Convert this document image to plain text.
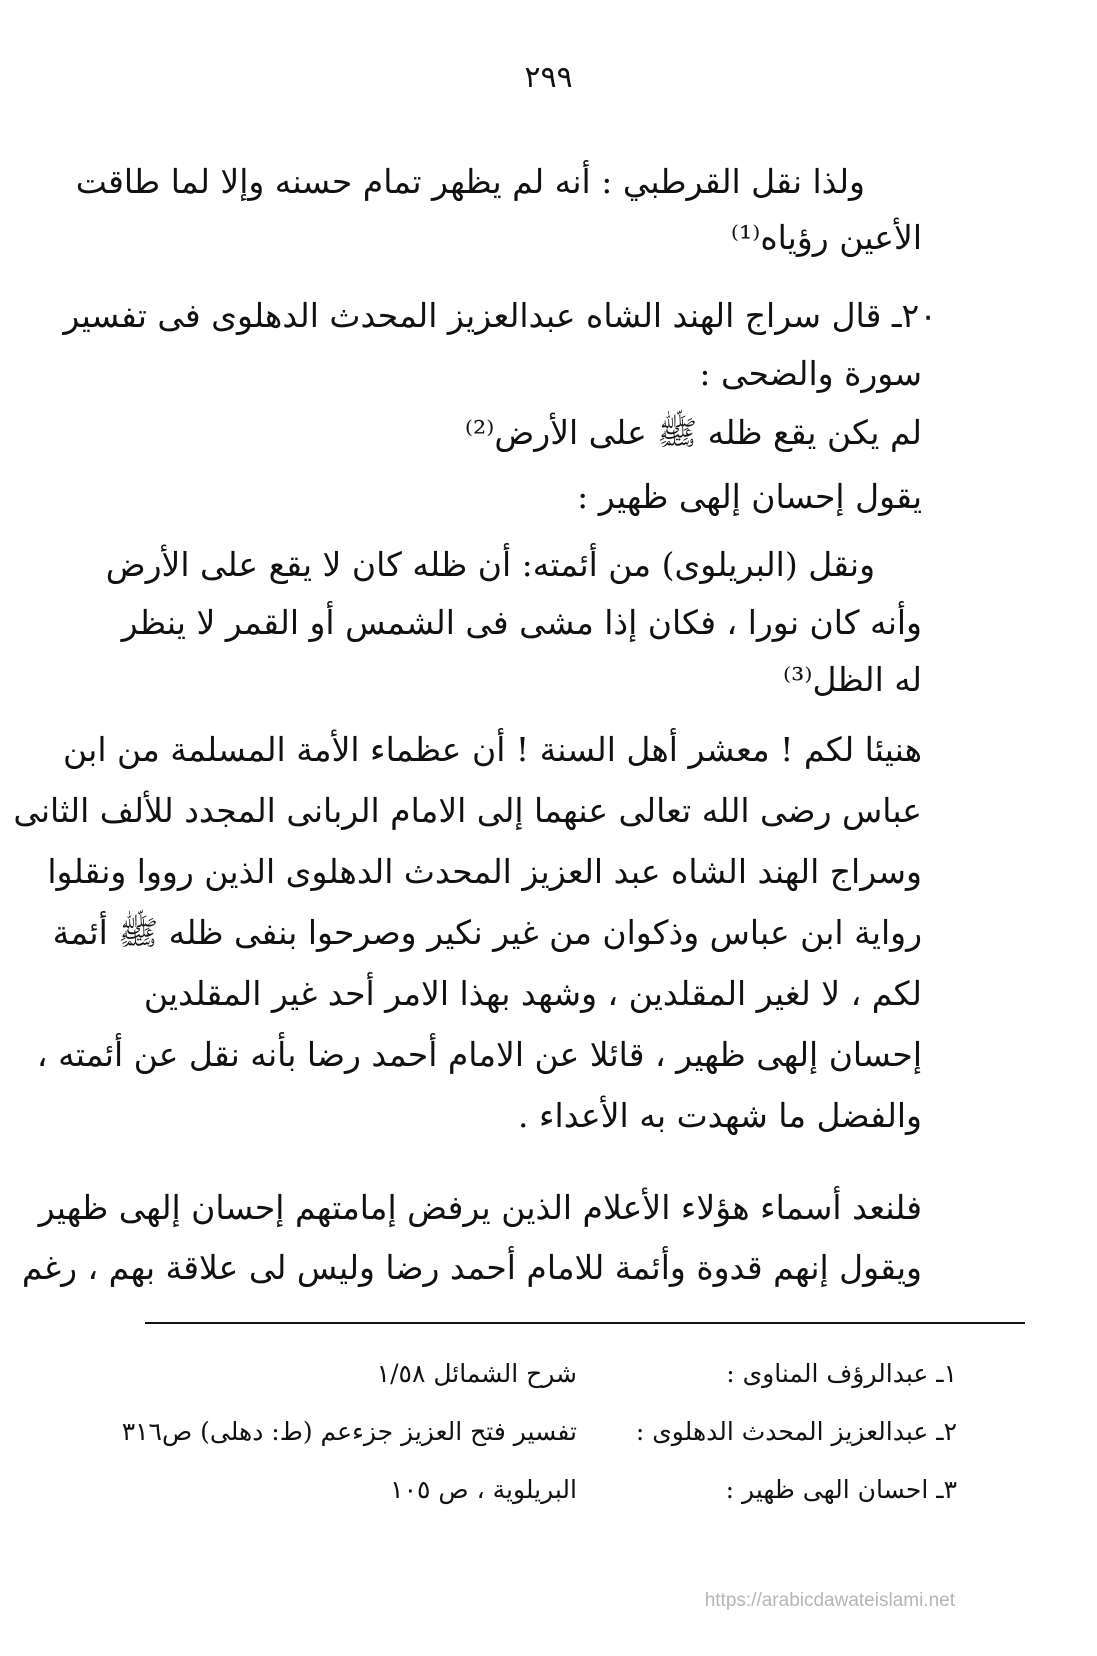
٢٩٩
ولذا نقل القرطبي : أنه لم يظهر تمام حسنه وإلا لما طاقت
الأعين رؤياه⁽¹⁾
٢٠ـ قال سراج الهند الشاه عبدالعزيز المحدث الدهلوى فى تفسير
سورة والضحى :
لم يكن يقع ظله ﷺ على الأرض⁽²⁾
يقول إحسان إلهى ظهير :
ونقل (البريلوى) من أئمته: أن ظله كان لا يقع على الأرض
وأنه كان نورا ، فكان إذا مشى فى الشمس أو القمر لا ينظر
له الظل⁽³⁾
هنيئا لكم ! معشر أهل السنة ! أن عظماء الأمة المسلمة من ابن
عباس رضى الله تعالى عنهما إلى الامام الربانى المجدد للألف الثانى
وسراج الهند الشاه عبد العزيز المحدث الدهلوى الذين رووا ونقلوا
رواية ابن عباس وذكوان من غير نكير وصرحوا بنفى ظله ﷺ أئمة
لكم ، لا لغير المقلدين ، وشهد بهذا الامر أحد غير المقلدين
إحسان إلهى ظهير ، قائلا عن الامام أحمد رضا بأنه نقل عن أئمته ،
والفضل ما شهدت به الأعداء .
فلنعد أسماء هؤلاء الأعلام الذين يرفض إمامتهم إحسان إلهى ظهير
ويقول إنهم قدوة وأئمة للامام أحمد رضا وليس لى علاقة بهم ، رغم
١ـ عبدالرؤف المناوى :
شرح الشمائل ١/٥٨
٢ـ عبدالعزيز المحدث الدهلوى :
تفسير فتح العزيز جزءعم (ط: دهلى) ص٣١٦
٣ـ احسان الهى ظهير :
البريلوية ، ص ١٠٥
https://arabicdawateislami.net
